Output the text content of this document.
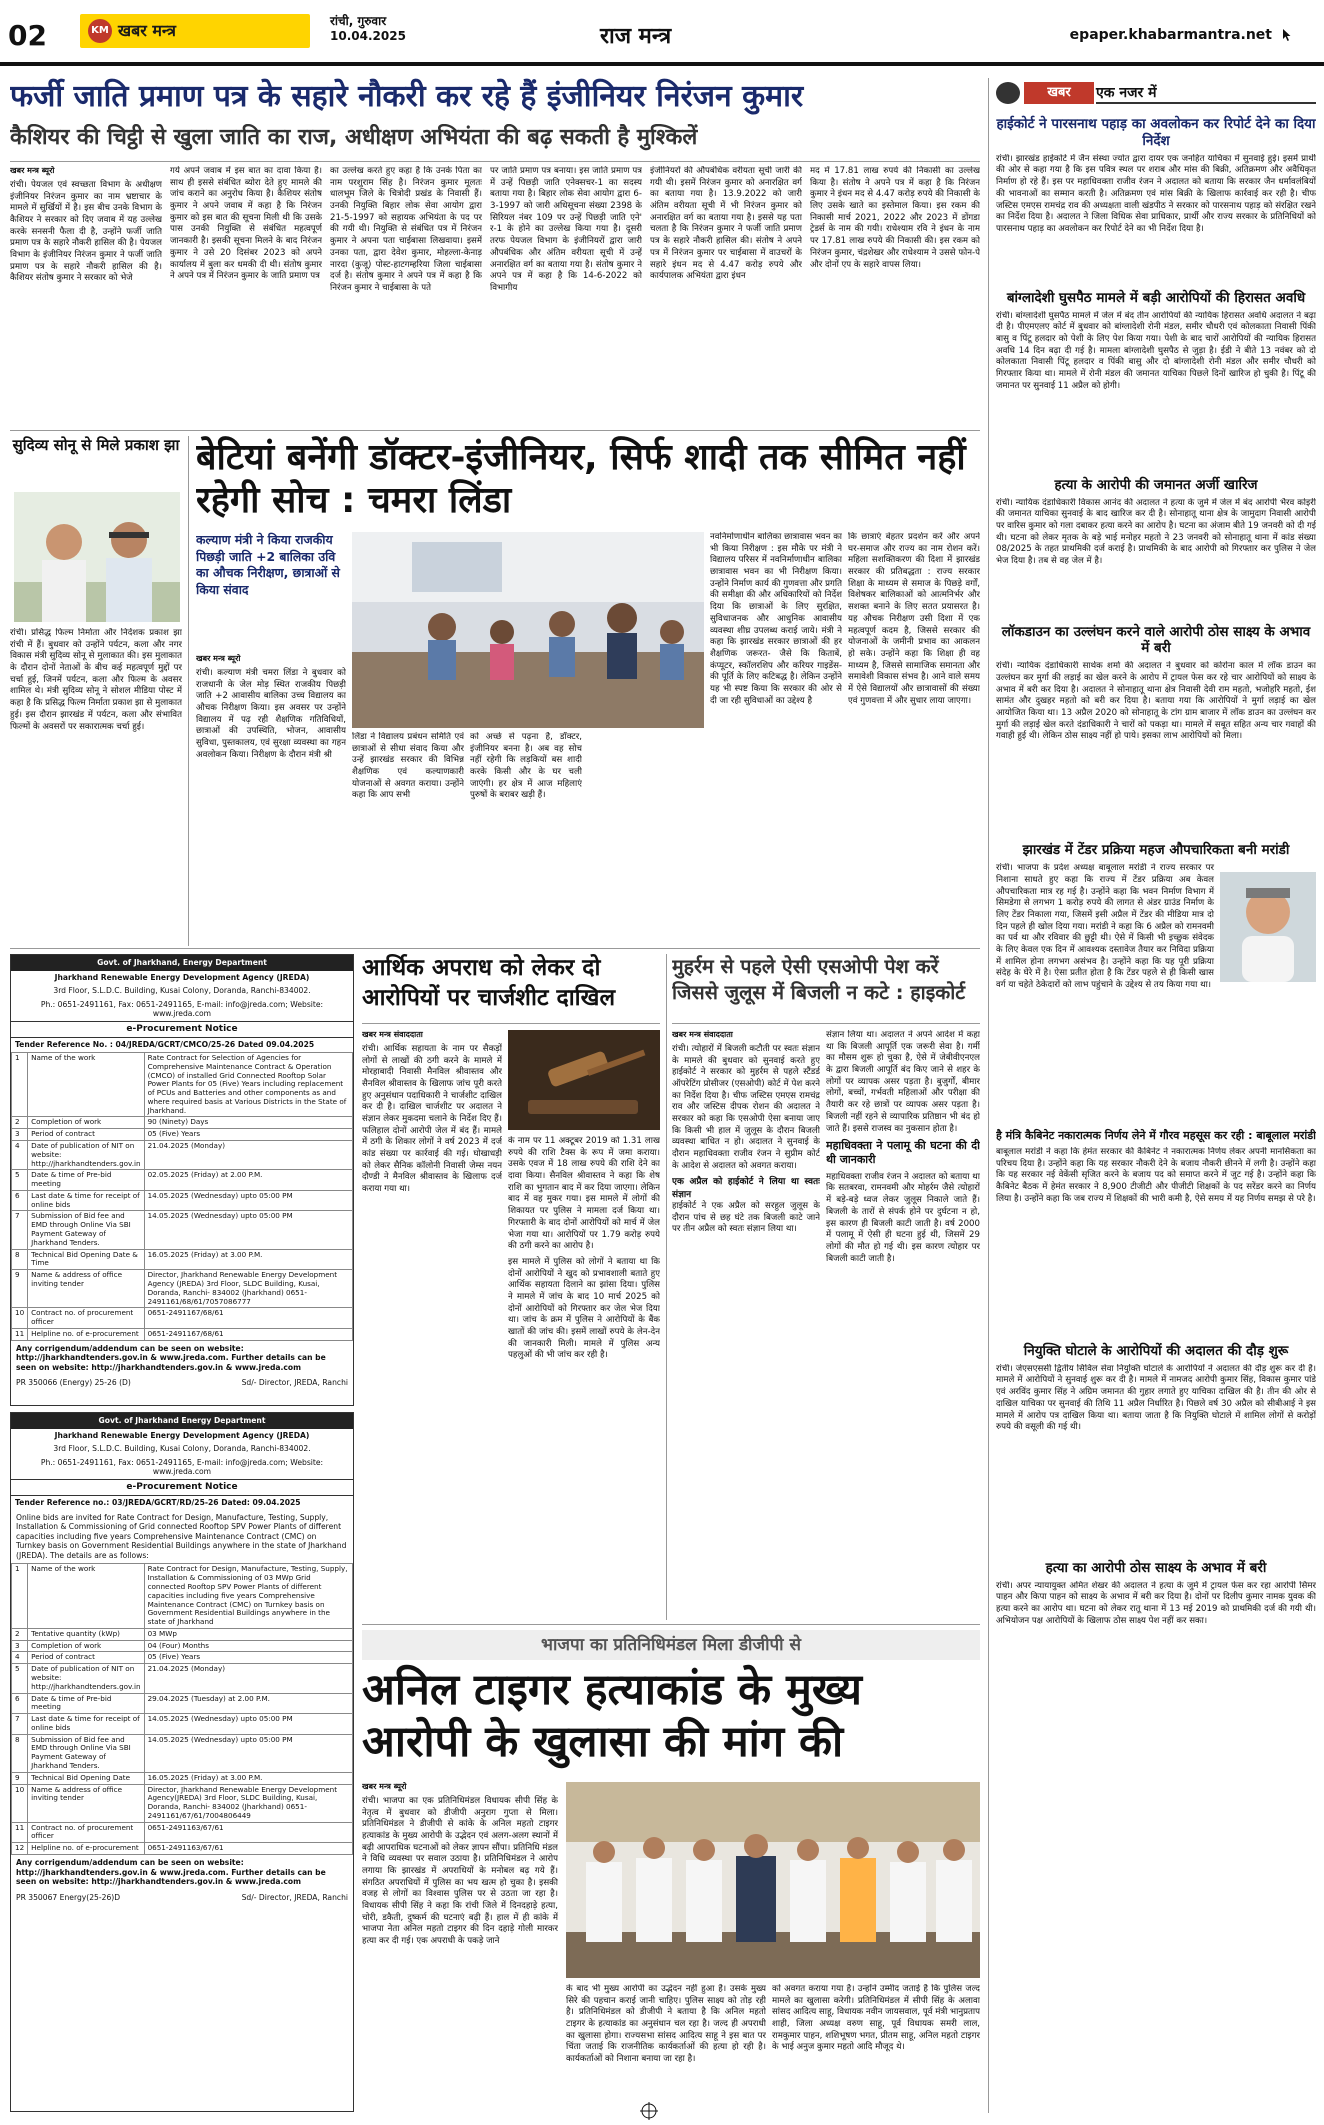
02	KM खबर मन्त्र
रांची, गुरुवार
10.04.2025	राज मन्त्र	epaper.khabarmantra.net
फर्जी जाति प्रमाण पत्र के सहारे नौकरी कर रहे हैं इंजीनियर निरंजन कुमार
कैशियर की चिट्ठी से खुला जाति का राज, अधीक्षण अभियंता की बढ़ सकती है मुश्किलें
खबर मन्त्र ब्यूरो

रांची। पेयजल एवं स्वच्छता विभाग के अधीक्षण इंजीनियर निरंजन कुमार का नाम भ्रष्टाचार के मामले में सुर्खियों में है। इस बीच उनके विभाग के कैशियर ने सरकार को दिए जवाब में यह उल्लेख करके सनसनी फैला दी है, उन्होंने फर्जी जाति प्रमाण पत्र के सहारे नौकरी हासिल की है। पेयजल विभाग के इंजीनियर निरंजन कुमार ने फर्जी जाति प्रमाण पत्र के सहारे नौकरी हासिल की है। कैशियर संतोष कुमार ने सरकार को भेजे

गये अपने जवाब में इस बात का दावा किया है। साथ ही इससे संबंधित ब्योरा देते हुए मामले की जांच कराने का अनुरोध किया है। कैशियर संतोष कुमार ने अपने जवाब में कहा है कि निरंजन कुमार को इस बात की सूचना मिली थी कि उसके पास उनकी नियुक्ति से संबंधित महत्वपूर्ण जानकारी है। इसकी सूचना मिलने के बाद निरंजन कुमार ने उसे 20 दिसंबर 2023 को अपने कार्यालय में बुला कर धमकी दी थी। संतोष कुमार ने अपने पत्र में निरंजन कुमार के जाति प्रमाण पत्र

का उल्लेख करते हुए कहा है कि उनके पिता का नाम परशुराम सिंह है। निरंजन कुमार मूलतः धालभूम जिले के चित्रोदी प्रखंड के निवासी हैं। उनकी नियुक्ति बिहार लोक सेवा आयोग द्वारा 21-5-1997 को सहायक अभियंता के पद पर की गयी थी। नियुक्ति से संबंधित पत्र में निरंजन कुमार ने अपना पता चाईबासा लिखवाया। इसमें उनका पता, द्वारा देवेश कुमार, मोहल्ला-केनाड़ नारदा (कुजू) पोस्ट-हाटगम्हरिया जिला चाईबासा दर्ज है। संतोष कुमार ने अपने पत्र में कहा है कि निरंजन कुमार ने चाईबासा के पते

पर जाति प्रमाण पत्र बनाया। इस जाति प्रमाण पत्र में उन्हें पिछड़ी जाति एनेक्सचर-1 का सदस्य बताया गया है। बिहार लोक सेवा आयोग द्वारा 6-3-1997 को जारी अधिसूचना संख्या 2398 के सिरियल नंबर 109 पर उन्हें पिछड़ी जाति एने' र-1 के होने का उल्लेख किया गया है। दूसरी तरफ पेयजल विभाग के इंजीनियरों द्वारा जारी औपबंधिक और अंतिम वरीयता सूची में उन्हें अनारक्षित वर्ग का बताया गया है। संतोष कुमार ने अपने पत्र में कहा है कि 14-6-2022 को विभागीय

इंजीनियरों की औपबंधिक वरीयता सूची जारी की गयी थी। इसमें निरंजन कुमार को अनारक्षित वर्ग का बताया गया है। 13.9.2022 को जारी अंतिम वरीयता सूची में भी निरंजन कुमार को अनारक्षित वर्ग का बताया गया है। इससे यह पता चलता है कि निरंजन कुमार ने फर्जी जाति प्रमाण पत्र के सहारे नौकरी हासिल की। संतोष ने अपने पत्र में निरंजन कुमार पर चाईबासा में वाउचरों के सहारे इंधन मद से 4.47 करोड़ रुपये और कार्यपालक अभियंता द्वारा इंधन

मद में 17.81 लाख रुपये की निकासी का उल्लेख किया है। संतोष ने अपने पत्र में कहा है कि निरंजन कुमार ने इंधन मद से 4.47 करोड़ रुपये की निकासी के लिए उसके खाते का इस्तेमाल किया। इस रकम की निकासी मार्च 2021, 2022 और 2023 में डोंगडा ट्रेडर्स के नाम की गयी। राधेश्याम रवि ने इंधन के नाम पर 17.81 लाख रुपये की निकासी की। इस रकम को निरंजन कुमार, चंद्रशेखर और राधेश्याम ने उससे फोन-पे और दोनों एप के सहारे वापस लिया।

खबर	एक नजर में
हाईकोर्ट ने पारसनाथ पहाड़ का अवलोकन कर रिपोर्ट देने का दिया निर्देश
रांची। झारखंड हाईकोर्ट में जैन संस्था ज्योत द्वारा दायर एक जनहित याचिका में सुनवाई हुई। इसमें प्रार्थी की ओर से कहा गया है कि इस पवित्र स्थल पर शराब और मांस की बिक्री, अतिक्रमण और अवैधिकृत निर्माण हो रहे हैं। इस पर महाधिवक्ता राजीव रंजन ने अदालत को बताया कि सरकार जैन धर्मावलंबियों की भावनाओं का सम्मान करती है। अतिक्रमण एवं मांस बिक्री के खिलाफ कार्रवाई कर रही है। चीफ जस्टिस एमएस रामचंद्र राव की अध्यक्षता वाली खंडपीठ ने सरकार को पारसनाथ पहाड़ को संरक्षित रखने का निर्देश दिया है। अदालत ने जिला विधिक सेवा प्राधिकार, प्रार्थी और राज्य सरकार के प्रतिनिधियों को पारसनाथ पहाड़ का अवलोकन कर रिपोर्ट देने का भी निर्देश दिया है।
बांग्लादेशी घुसपैठ मामले में बड़ी आरोपियों की हिरासत अवधि
रांची। बांग्लादेशी घुसपैठ मामले में जेल में बंद तीन आरोपियों की न्यायिक हिरासत अवधि अदालत ने बढ़ा दी है। पीएमएलए कोर्ट में बुधवार को बांग्लादेशी रोनी मंडल, समीर चौधरी एवं कोलकाता निवासी पिंकी बासु व पिंटू हलदार को पेशी के लिए पेश किया गया। पेशी के बाद चारों आरोपियों की न्यायिक हिरासत अवधि 14 दिन बढ़ा दी गई है। मामला बांग्लादेशी घुसपैठ से जुड़ा है। ईडी ने बीते 13 नवंबर को दो कोलकाता निवासी पिंटू हलदार व पिंकी बासु और दो बांग्लादेशी रोनी मंडल और समीर चौधरी को गिरफ्तार किया था। मामले में रोनी मंडल की जमानत याचिका पिछले दिनों खारिज हो चुकी है। पिंटू की जमानत पर सुनवाई 11 अप्रैल को होगी।
हत्या के आरोपी की जमानत अर्जी खारिज
रांची। न्यायिक दंडाधिकारी विकास आनंद की अदालत ने हत्या के जुर्म में जेल में बंद आरोपी भैरव कोइरी की जमानत याचिका सुनवाई के बाद खारिज कर दी है। सोनाहातू थाना क्षेत्र के जामुदाग निवासी आरोपी पर वारिस कुमार को गला दबाकर हत्या करने का आरोप है। घटना का अंजाम बीते 19 जनवरी को दी गई थी। घटना को लेकर मृतक के बड़े भाई मनोहर महतो ने 23 जनवरी को सोनाहातू थाना में कांड संख्या 08/2025 के तहत प्राथमिकी दर्ज कराई है। प्राथमिकी के बाद आरोपी को गिरफ्तार कर पुलिस ने जेल भेज दिया है। तब से वह जेल में है।
लॉकडाउन का उल्लंघन करने वाले आरोपी ठोस साक्ष्य के अभाव में बरी
रांची। न्यायिक दंडाधिकारी सार्थक शर्मा की अदालत ने बुधवार को कोरोना काल में लॉक डाउन का उल्लंघन कर मुर्गा की लड़ाई का खेल करने के आरोप में ट्रायल फेस कर रहे चार आरोपियों को साक्ष्य के अभाव में बरी कर दिया है। अदालत ने सोनाहातू थाना क्षेत्र निवासी देवी राम महतो, भजोहरि महतो, ईश सामंत और दुखहर महतो को बरी कर दिया है। बताया गया कि आरोपियों ने मुर्गा लड़ाई का खेल आयोजित किया था। 13 अप्रैल 2020 को सोनाहातू के टांग ग्राम बाजार में लॉक डाउन का उल्लंघन कर मुर्गा की लड़ाई खेल करते दंडाधिकारी ने चारों को पकड़ा था। मामले में सबूत सहित अन्य चार गवाहों की गवाही हुई थी। लेकिन ठोस साक्ष्य नहीं हो पाये। इसका लाभ आरोपियों को मिला।
झारखंड में टेंडर प्रक्रिया महज औपचारिकता बनी मरांडी
रांची। भाजपा के प्रदेश अध्यक्ष बाबूलाल मरांडी ने राज्य सरकार पर निशाना साधते हुए कहा कि राज्य में टेंडर प्रक्रिया अब केवल औपचारिकता मात्र रह गई है। उन्होंने कहा कि भवन निर्माण विभाग में सिमडेगा से लगभग 1 करोड़ रुपये की लागत से अंडर ग्राउंड निर्माण के लिए टेंडर निकाला गया, जिसमें इसी अप्रैल में टेंडर की मीडिया मात्र दो दिन पहले ही खोल दिया गया। मरांडी ने कहा कि 6 अप्रैल को रामनवमी का पर्व था और रविवार की छुट्टी थी। ऐसे में किसी भी इच्छुक संवेदक के लिए केवल एक दिन में आवश्यक दस्तावेज तैयार कर निविदा प्रक्रिया में शामिल होना लगभग असंभव है। उन्होंने कहा कि यह पूरी प्रक्रिया संदेह के घेरे में है। ऐसा प्रतीत होता है कि टेंडर पहले से ही किसी खास वर्ग या चहेते ठेकेदारों को लाभ पहुंचाने के उद्देश्य से तय किया गया था।
है मंत्रि कैबिनेट नकारात्मक निर्णय लेने में गौरव महसूस कर रही : बाबूलाल मरांडी
बाबूलाल मरांडी ने कहा कि हेमंत सरकार की कैबिनेट ने नकारात्मक निर्णय लेकर अपनी मानसिकता का परिचय दिया है। उन्होंने कहा कि यह सरकार नौकरी देने के बजाय नौकरी छीनने में लगी है। उन्होंने कहा कि यह सरकार नई वेकेंसी सृजित करने के बजाय पद को समाप्त करने में जुट गई है। उन्होंने कहा कि कैबिनेट बैठक में हेमंत सरकार ने 8,900 टीजीटी और पीजीटी शिक्षकों के पद सरेंडर करने का निर्णय लिया है। उन्होंने कहा कि जब राज्य में शिक्षकों की भारी कमी है, ऐसे समय में यह निर्णय समझ से परे है।
नियुक्ति घोटाले के आरोपियों की अदालत की दौड़ शुरू
रांची। जेएसएससी द्वितीय सिविल सेवा नियुक्ति घोटाले के आरोपियों ने अदालत की दौड़ शुरू कर दी है। मामले में आरोपियों ने सुनवाई शुरू कर दी है। मामले में नामजद आरोपी कुमार सिंह, विकास कुमार पांडे एवं अरविंद कुमार सिंह ने अग्रिम जमानत की गुहार लगाते हुए याचिका दाखिल की है। तीन की ओर से दाखिल याचिका पर सुनवाई की तिथि 11 अप्रैल निर्धारित है। पिछले वर्ष 30 अप्रैल को सीबीआई ने इस मामले में आरोप पत्र दाखिल किया था। बताया जाता है कि नियुक्ति घोटाले में शामिल लोगों से करोड़ों रुपये की वसूली की गई थी।
हत्या का आरोपी ठोस साक्ष्य के अभाव में बरी
रांची। अपर न्यायायुक्त अमित शेखर की अदालत ने हत्या के जुर्म में ट्रायल फेस कर रहा आरोपी सिमर पाहन और किपा पाहन को साक्ष्य के अभाव में बरी कर दिया है। दोनों पर दिलीप कुमार नामक युवक की हत्या करने का आरोप था। घटना को लेकर रातू थाना में 13 मई 2019 को प्राथमिकी दर्ज की गयी थी। अभियोजन पक्ष आरोपियों के खिलाफ ठोस साक्ष्य पेश नहीं कर सका।
सुदिव्य सोनू से मिले प्रकाश झा

रांची। प्रसिद्ध फिल्म निर्माता और निर्देशक प्रकाश झा रांची में हैं। बुधवार को उन्होंने पर्यटन, कला और नगर विकास मंत्री सुदिव्य सोनू से मुलाकात की। इस मुलाकात के दौरान दोनों नेताओं के बीच कई महत्वपूर्ण मुद्दों पर चर्चा हुई, जिनमें पर्यटन, कला और फिल्म के अवसर शामिल थे। मंत्री सुदिव्य सोनू ने सोशल मीडिया पोस्ट में कहा है कि प्रसिद्ध फिल्म निर्माता प्रकाश झा से मुलाकात हुई। इस दौरान झारखंड में पर्यटन, कला और संभावित फिल्मों के अवसरों पर सकारात्मक चर्चा हुई।

बेटियां बनेंगी डॉक्टर-इंजीनियर, सिर्फ शादी तक सीमित नहीं रहेगी सोच : चमरा लिंडा
कल्याण मंत्री ने किया राजकीय पिछड़ी जाति +2 बालिका उवि का औचक निरीक्षण, छात्राओं से किया संवाद
खबर मन्त्र ब्यूरो

रांची। कल्याण मंत्री चमरा लिंडा ने बुधवार को राजधानी के जेल मोड़ स्थित राजकीय पिछड़ी जाति +2 आवासीय बालिका उच्च विद्यालय का औचक निरीक्षण किया। इस अवसर पर उन्होंने विद्यालय में पढ़ रही शैक्षणिक गतिविधियों, छात्राओं की उपस्थिति, भोजन, आवासीय सुविधा, पुस्तकालय, एवं सुरक्षा व्यवस्था का गहन अवलोकन किया। निरीक्षण के दौरान मंत्री श्री

लिंडा ने विद्यालय प्रबंधन समिति एवं छात्राओं से सीधा संवाद किया और उन्हें झारखंड सरकार की विभिन्न शैक्षणिक एवं कल्याणकारी योजनाओं से अवगत कराया। उन्होंने कहा कि आप सभी

को अच्छे से पढ़ना है, डॉक्टर, इंजीनियर बनना है। अब वह सोच नहीं रहेगी कि लड़कियों बस शादी करके किसी और के घर चली जाएंगी। हर क्षेत्र में आज महिलाएं पुरुषों के बराबर खड़ी हैं।

नवनिर्माणाधीन बालिका छात्रावास भवन का भी किया निरीक्षण : इस मौके पर मंत्री ने विद्यालय परिसर में नवनिर्माणाधीन बालिका छात्रावास भवन का भी निरीक्षण किया। उन्होंने निर्माण कार्य की गुणवत्ता और प्रगति की समीक्षा की और अधिकारियों को निर्देश दिया कि छात्राओं के लिए सुरक्षित, सुविधाजनक और आधुनिक आवासीय व्यवस्था शीघ्र उपलब्ध कराई जाये। मंत्री ने कहा कि झारखंड सरकार छात्राओं की हर शैक्षणिक जरूरत- जैसे कि किताबें, कंप्यूटर, स्कॉलरशिप और करियर गाइडेंस-की पूर्ति के लिए कटिबद्ध है। लेकिन उन्होंने यह भी स्पष्ट किया कि सरकार की ओर से दी जा रही सुविधाओं का उद्देश्य है

कि छात्राएं बेहतर प्रदर्शन करें और अपने घर-समाज और राज्य का नाम रोशन करें। महिला सशक्तिकरण की दिशा में झारखंड सरकार की प्रतिबद्धता : राज्य सरकार शिक्षा के माध्यम से समाज के पिछड़े वर्गों, विशेषकर बालिकाओं को आत्मनिर्भर और सशक्त बनाने के लिए सतत प्रयासरत है। यह औचक निरीक्षण उसी दिशा में एक महत्वपूर्ण कदम है, जिससे सरकार की योजनाओं के जमीनी प्रभाव का आकलन हो सके। उन्होंने कहा कि शिक्षा ही वह माध्यम है, जिससे सामाजिक समानता और समावेशी विकास संभव है। आने वाले समय में ऐसे विद्यालयों और छात्रावासों की संख्या एवं गुणवत्ता में और सुधार लाया जाएगा।

Govt. of Jharkhand, Energy Department
Jharkhand Renewable Energy Development Agency (JREDA)
3rd Floor, S.L.D.C. Building, Kusai Colony, Doranda, Ranchi-834002.
Ph.: 0651-2491161, Fax: 0651-2491165, E-mail: info@jreda.com; Website: www.jreda.com
e-Procurement Notice
Tender Reference No. : 04/JREDA/GCRT/CMCO/25-26 Dated 09.04.2025
1	Name of the work	Rate Contract for Selection of Agencies for Comprehensive Maintenance Contract & Operation (CMCO) of installed Grid Connected Rooftop Solar Power Plants for 05 (Five) Years including replacement of PCUs and Batteries and other components as and where required basis at Various Districts in the State of Jharkhand.
2	Completion of work	90 (Ninety) Days
3	Period of contract	05 (Five) Years
4	Date of publication of NIT on website: http://jharkhandtenders.gov.in	21.04.2025 (Monday)
5	Date & time of Pre-bid meeting	02.05.2025 (Friday) at 2.00 P.M.
6	Last date & time for receipt of online bids	14.05.2025 (Wednesday) upto 05:00 PM
7	Submission of Bid fee and EMD through Online Via SBI Payment Gateway of Jharkhand Tenders.	14.05.2025 (Wednesday) upto 05:00 PM
8	Technical Bid Opening Date & Time	16.05.2025 (Friday) at 3.00 P.M.
9	Name & address of office inviting tender	Director, Jharkhand Renewable Energy Development Agency (JREDA) 3rd Floor, SLDC Building, Kusai, Doranda, Ranchi- 834002 (Jharkhand) 0651-2491161/68/61/7057086777
10	Contract no. of procurement officer	0651-2491167/68/61
11	Helpline no. of e-procurement	0651-2491167/68/61
Any corrigendum/addendum can be seen on website: http://jharkhandtenders.gov.in & www.jreda.com. Further details can be seen on website: http://jharkhandtenders.gov.in & www.jreda.com
PR 350066 (Energy) 25-26 (D)	Sd/- Director, JREDA, Ranchi
Govt. of Jharkhand Energy Department
Jharkhand Renewable Energy Development Agency (JREDA)
3rd Floor, S.L.D.C. Building, Kusai Colony, Doranda, Ranchi-834002.
Ph.: 0651-2491161, Fax: 0651-2491165, E-mail: info@jreda.com; Website: www.jreda.com
e-Procurement Notice
Tender Reference no.: 03/JREDA/GCRT/RD/25-26 Dated: 09.04.2025
Online bids are invited for Rate Contract for Design, Manufacture, Testing, Supply, Installation & Commissioning of Grid connected Rooftop SPV Power Plants of different capacities including five years Comprehensive Maintenance Contract (CMC) on Turnkey basis on Government Residential Buildings anywhere in the state of Jharkhand (JREDA). The details are as follows:
1	Name of the work	Rate Contract for Design, Manufacture, Testing, Supply, Installation & Commissioning of 03 MWp Grid connected Rooftop SPV Power Plants of different capacities including five years Comprehensive Maintenance Contract (CMC) on Turnkey basis on Government Residential Buildings anywhere in the state of Jharkhand
2	Tentative quantity (kWp)	03 MWp
3	Completion of work	04 (Four) Months
4	Period of contract	05 (Five) Years
5	Date of publication of NIT on website: http://jharkhandtenders.gov.in	21.04.2025 (Monday)
6	Date & time of Pre-bid meeting	29.04.2025 (Tuesday) at 2.00 P.M.
7	Last date & time for receipt of online bids	14.05.2025 (Wednesday) upto 05:00 PM
8	Submission of Bid fee and EMD through Online Via SBI Payment Gateway of Jharkhand Tenders.	14.05.2025 (Wednesday) upto 05:00 PM
9	Technical Bid Opening Date	16.05.2025 (Friday) at 3.00 P.M.
10	Name & address of office inviting tender	Director, Jharkhand Renewable Energy Development Agency(JREDA) 3rd Floor, SLDC Building, Kusai, Doranda, Ranchi- 834002 (Jharkhand) 0651-2491161/67/61/7004806449
11	Contract no. of procurement officer	0651-2491163/67/61
12	Helpline no. of e-procurement	0651-2491163/67/61
Any corrigendum/addendum can be seen on website: http://jharkhandtenders.gov.in & www.jreda.com. Further details can be seen on website: http://jharkhandtenders.gov.in & www.jreda.com
PR 350067 Energy(25-26)D	Sd/- Director, JREDA, Ranchi
आर्थिक अपराध को लेकर दो आरोपियों पर चार्जशीट दाखिल
खबर मन्त्र संवाददाता

रांची। आर्थिक सहायता के नाम पर सैकड़ों लोगों से लाखों की ठगी करने के मामले में मोरहाबादी निवासी मैनविल श्रीवास्तव और सैनविल श्रीवास्तव के खिलाफ जांच पूरी करते हुए अनुसंधान पदाधिकारी ने चार्जशीट दाखिल कर दी है। दाखिल चार्जशीट पर अदालत ने संज्ञान लेकर मुकदमा चलाने के निर्देश दिए हैं। फलिहाल दोनों आरोपी जेल में बंद हैं। मामले में ठगी के शिकार लोगों ने वर्ष 2023 में दर्ज कांड संख्या पर कार्रवाई की गई। घोखाधड़ी को लेकर सैनिक कॉलोनी निवासी जेम्स नयन दौण्डी ने मैनविल श्रीवास्तव के खिलाफ दर्ज कराया गया था।

के नाम पर 11 अक्टूबर 2019 को 1.31 लाख रुपये की राशि टैक्स के रूप में जमा कराया। उसके एवज में 18 लाख रुपये की राशि देने का दावा किया। सैनविल श्रीवास्तव ने कहा कि शेष राशि का भुगतान बाद में कर दिया जाएगा। लेकिन बाद में वह मुकर गया। इस मामले में लोगों की शिकायत पर पुलिस ने मामला दर्ज किया था। गिरफ्तारी के बाद दोनों आरोपियों को मार्च में जेल भेजा गया था। आरोपियों पर 1.79 करोड़ रुपये की ठगी करने का आरोप है।

इस मामले में पुलिस को लोगों ने बताया था कि दोनों आरोपियों ने खुद को प्रभावशाली बताते हुए आर्थिक सहायता दिलाने का झांसा दिया। पुलिस ने मामले में जांच के बाद 10 मार्च 2025 को दोनों आरोपियों को गिरफ्तार कर जेल भेज दिया था। जांच के क्रम में पुलिस ने आरोपियों के बैंक खातों की जांच की। इसमें लाखों रुपये के लेन-देन की जानकारी मिली। मामले में पुलिस अन्य पहलुओं की भी जांच कर रही है।

मुहर्रम से पहले ऐसी एसओपी पेश करें जिससे जुलूस में बिजली न कटे : हाइकोर्ट
खबर मन्त्र संवाददाता

रांची। त्योहारों में बिजली कटौती पर स्वतः संज्ञान के मामले की बुधवार को सुनवाई करते हुए हाईकोर्ट ने सरकार को मुहर्रम से पहले स्टैंडर्ड ऑपरेटिंग प्रोसीजर (एसओपी) कोर्ट में पेश करने का निर्देश दिया है। चीफ जस्टिस एमएस रामचंद्र राव और जस्टिस दीपक रोशन की अदालत ने सरकार को कहा कि एसओपी ऐसा बनाया जाए कि किसी भी हाल में जुलूस के दौरान बिजली व्यवस्था बाधित न हो। अदालत ने सुनवाई के दौरान महाधिवक्ता राजीव रंजन ने सुप्रीम कोर्ट के आदेश से अदालत को अवगत कराया।

एक अप्रैल को हाईकोर्ट ने लिया था स्वतः संज्ञान

हाईकोर्ट ने एक अप्रैल को सरहुल जुलूस के दौरान पांच से छह घंटे तक बिजली काटे जाने पर तीन अप्रैल को स्वतः संज्ञान लिया था।

संज्ञान लिया था। अदालत ने अपने आदेश में कहा था कि बिजली आपूर्ति एक जरूरी सेवा है। गर्मी का मौसम शुरू हो चुका है, ऐसे में जेबीवीएनएल के द्वारा बिजली आपूर्ति बंद किए जाने से शहर के लोगों पर व्यापक असर पड़ता है। बुजुर्गों, बीमार लोगों, बच्चों, गर्भवती महिलाओं और परीक्षा की तैयारी कर रहे छात्रों पर व्यापक असर पड़ता है। बिजली नहीं रहने से व्यापारिक प्रतिष्ठान भी बंद हो जाते हैं। इससे राजस्व का नुकसान होता है।

महाधिवक्ता ने पलामू की घटना की दी थी जानकारी

महाधिवक्ता राजीव रंजन ने अदालत को बताया था कि सतबरवा, रामनवमी और मोहर्रम जैसे त्योहारों में बड़े-बड़े ध्वज लेकर जुलूस निकाले जाते हैं। बिजली के तारों से संपर्क होने पर दुर्घटना न हो, इस कारण ही बिजली काटी जाती है। वर्ष 2000 में पलामू में ऐसी ही घटना हुई थी, जिसमें 29 लोगों की मौत हो गई थी। इस कारण त्योहार पर बिजली काटी जाती है।

भाजपा का प्रतिनिधिमंडल मिला डीजीपी से
अनिल टाइगर हत्याकांड के मुख्य आरोपी के खुलासा की मांग की
खबर मन्त्र ब्यूरो

रांची। भाजपा का एक प्रतिनिधिमंडल विधायक सीपी सिंह के नेतृत्व में बुधवार को डीजीपी अनुराग गुप्ता से मिला। प्रतिनिधिमंडल ने डीजीपी से कांके के अनिल महतो टाइगर हत्याकांड के मुख्य आरोपी के उद्भेदन एवं अलग-अलग स्थानों में बढ़ी आपराधिक घटनाओं को लेकर ज्ञापन सौंपा। प्रतिनिधि मंडल ने विधि व्यवस्था पर सवाल उठाया है। प्रतिनिधिमंडल ने आरोप लगाया कि झारखंड में अपराधियों के मनोबल बढ़ गये हैं। संगठित अपराधियों में पुलिस का भय खत्म हो चुका है। इसकी वजह से लोगों का विश्वास पुलिस पर से उठता जा रहा है। विधायक सीपी सिंह ने कहा कि रांची जिले में दिनदहाड़े हत्या, चोरी, डकैती, दुष्कर्म की घटनाएं बढ़ी हैं। हाल में ही कांके में भाजपा नेता अनिल महतो टाइगर की दिन दहाड़े गोली मारकर हत्या कर दी गई। एक अपराधी के पकड़े जाने

के बाद भी मुख्य आरोपी का उद्भेदन नहीं हुआ है। उसके मुख्य सिरे की पहचान कराई जानी चाहिए। पुलिस साक्ष्य को तोड़ रही है। प्रतिनिधिमंडल को डीजीपी ने बताया है कि अनिल महतो टाइगर के हत्याकांड का अनुसंधान चल रहा है। जल्द ही अपराधी का खुलासा होगा। राज्यसभा सांसद आदित्य साहू ने इस बात पर चिंता जताई कि राजनीतिक कार्यकर्ताओं की हत्या हो रही है। कार्यकर्ताओं को निशाना बनाया जा रहा है।

को अवगत कराया गया है। उन्होंने उम्मीद जताई है कि पुलिस जल्द मामले का खुलासा करेगी। प्रतिनिधिमंडल में सीपी सिंह के अलावा सांसद आदित्य साहू, विधायक नवीन जायसवाल, पूर्व मंत्री भानुप्रताप शाही, जिला अध्यक्ष वरुण साहू, पूर्व विधायक समरी लाल, रामकुमार पाहन, शशिभूषण भगत, प्रीतम साहू, अनिल महतो टाइगर के भाई अनुज कुमार महतो आदि मौजूद थे।
